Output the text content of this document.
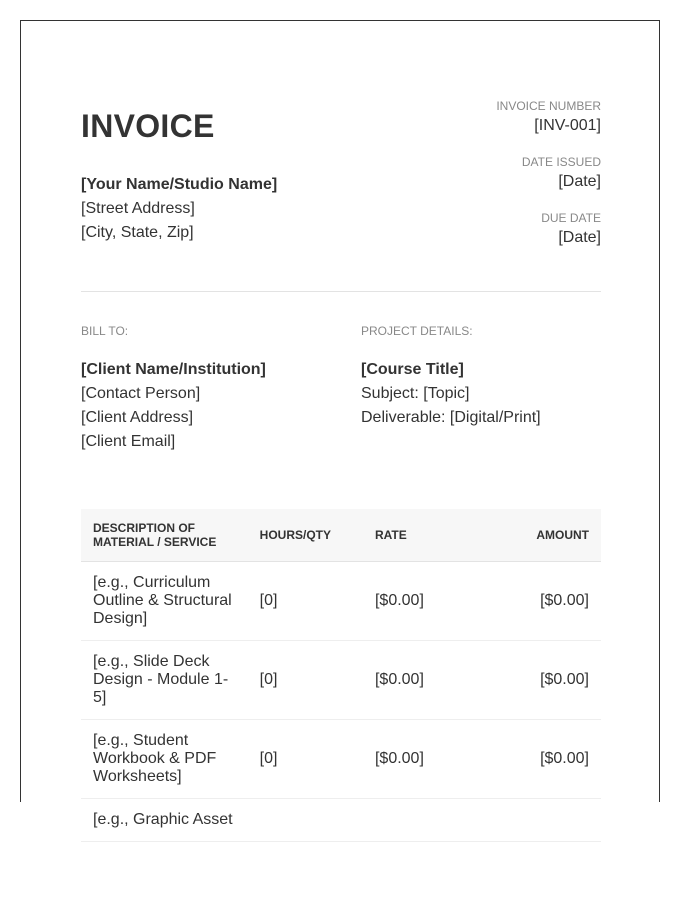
INVOICE
[Your Name/Studio Name]
[Street Address]
[City, State, Zip]
INVOICE NUMBER
[INV-001]
DATE ISSUED
[Date]
DUE DATE
[Date]
BILL TO:
[Client Name/Institution]
[Contact Person]
[Client Address]
[Client Email]
PROJECT DETAILS:
[Course Title]
Subject: [Topic]
Deliverable: [Digital/Print]
DESCRIPTION OF MATERIAL / SERVICE	HOURS/QTY	RATE	AMOUNT
[e.g., Curriculum Outline & Structural Design]	[0]	[$0.00]	[$0.00]
[e.g., Slide Deck Design - Module 1-5]	[0]	[$0.00]	[$0.00]
[e.g., Student Workbook & PDF Worksheets]	[0]	[$0.00]	[$0.00]
[e.g., Graphic Asset			
